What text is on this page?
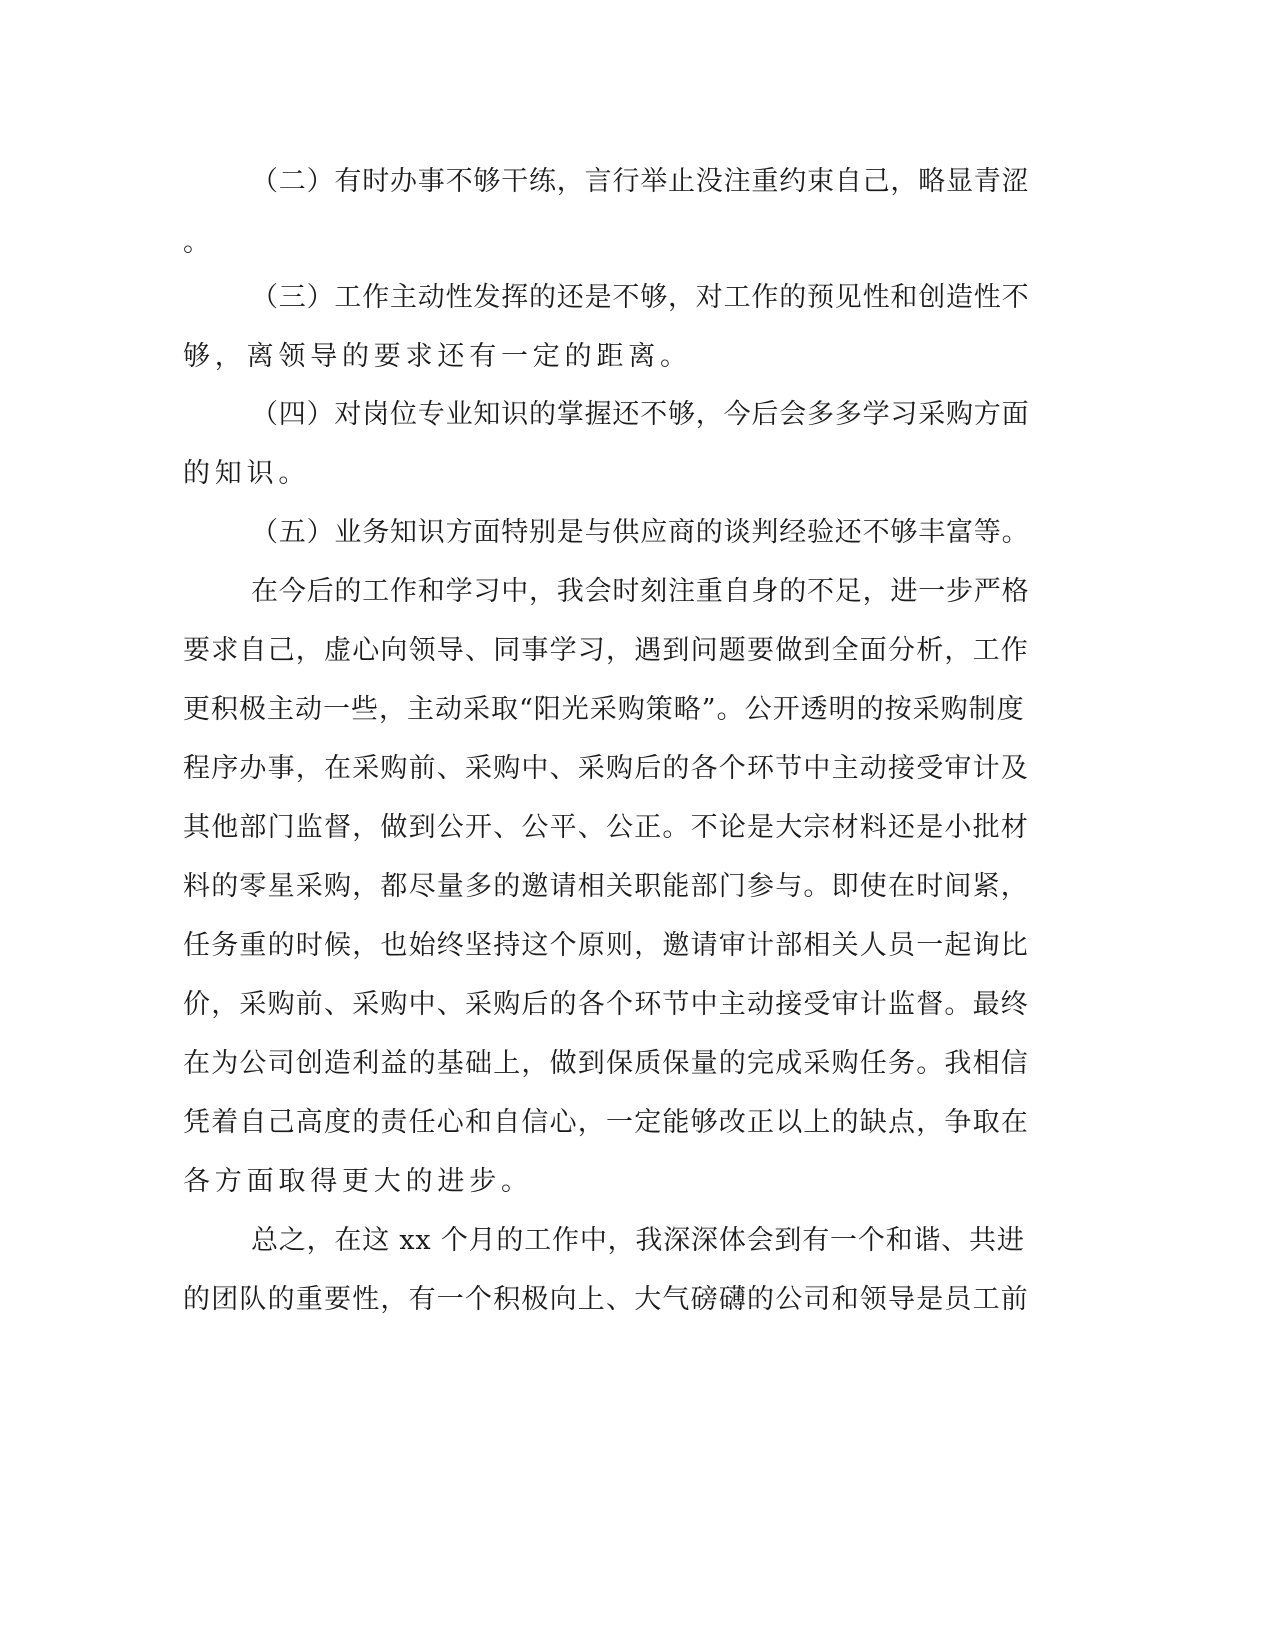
（二）有时办事不够干练，言行举止没注重约束自己，略显青涩
。
（三）工作主动性发挥的还是不够，对工作的预见性和创造性不
够，离领导的要求还有一定的距离。
（四）对岗位专业知识的掌握还不够，今后会多多学习采购方面
的知识。
（五）业务知识方面特别是与供应商的谈判经验还不够丰富等。
在今后的工作和学习中，我会时刻注重自身的不足，进一步严格
要求自己，虚心向领导、同事学习，遇到问题要做到全面分析，工作
更积极主动一些，主动采取“阳光采购策略”。公开透明的按采购制度
程序办事，在采购前、采购中、采购后的各个环节中主动接受审计及
其他部门监督，做到公开、公平、公正。不论是大宗材料还是小批材
料的零星采购，都尽量多的邀请相关职能部门参与。即使在时间紧，
任务重的时候，也始终坚持这个原则，邀请审计部相关人员一起询比
价，采购前、采购中、采购后的各个环节中主动接受审计监督。最终
在为公司创造利益的基础上，做到保质保量的完成采购任务。我相信
凭着自己高度的责任心和自信心，一定能够改正以上的缺点，争取在
各方面取得更大的进步。
总之，在这 xx 个月的工作中，我深深体会到有一个和谐、共进
的团队的重要性，有一个积极向上、大气磅礴的公司和领导是员工前
